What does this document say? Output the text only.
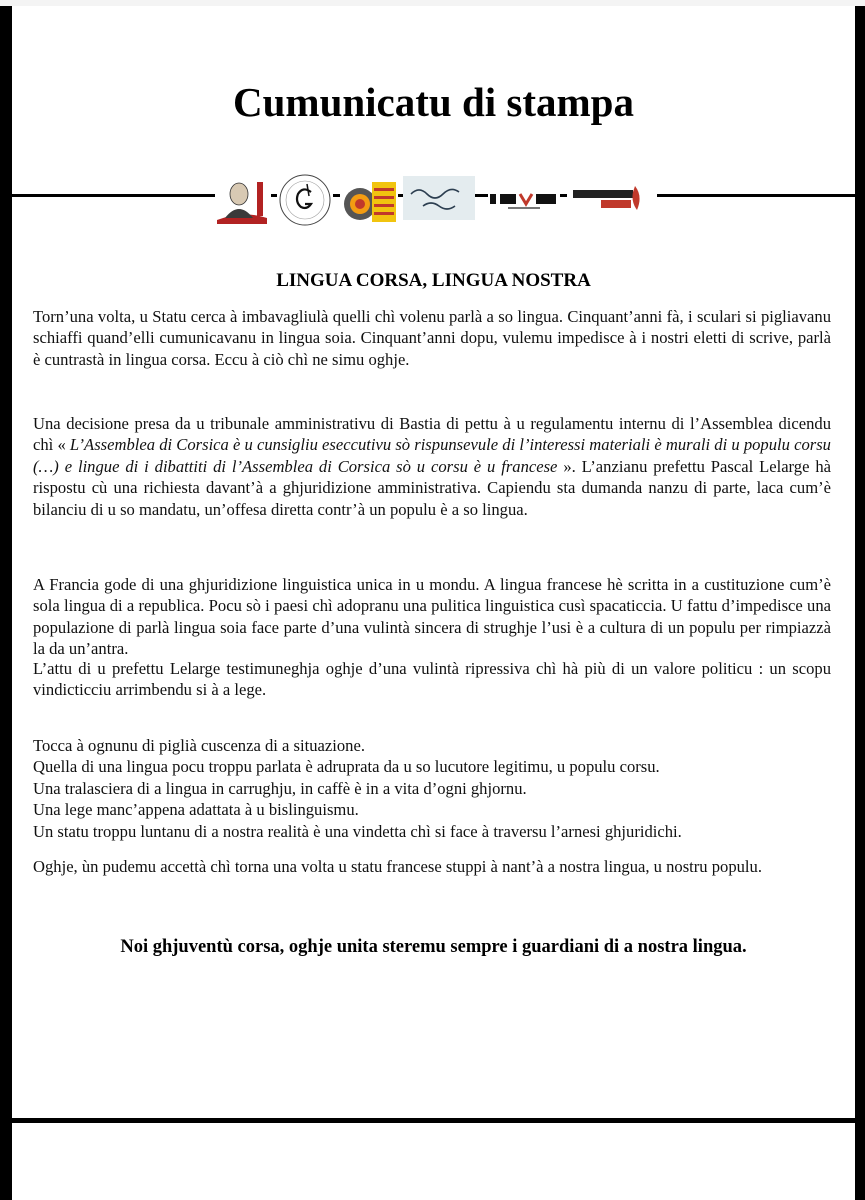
Cumunicatu di stampa
LINGUA CORSA, LINGUA NOSTRA
Torn’una volta, u Statu cerca à imbavagliulà quelli chì volenu parlà a so lingua. Cinquant’anni fà, i sculari si pigliavanu schiaffi quand’elli cumunicavanu in lingua soia. Cinquant’anni dopu, vulemu impedisce à i nostri eletti di scrive, parlà è cuntrastà in lingua corsa. Eccu à ciò chì ne simu oghje.
Una decisione presa da u tribunale amministrativu di Bastia di pettu à u regulamentu internu di l’Assemblea dicendu chì « L’Assemblea di Corsica è u cunsigliu eseccutivu sò rispunsevule di l’interessi materiali è murali di u populu corsu (…) e lingue di i dibattiti di l’Assemblea di Corsica sò u corsu è u francese ». L’anzianu prefettu Pascal Lelarge hà rispostu cù una richiesta davant’à a ghjuridizione amministrativa. Capiendu sta dumanda nanzu di parte, laca cum’è bilanciu di u so mandatu, un’offesa diretta contr’à un populu è a so lingua.
A Francia gode di una ghjuridizione linguistica unica in u mondu. A lingua francese hè scritta in a custituzione cum’è sola lingua di a republica. Pocu sò i paesi chì adopranu una pulitica linguistica cusì spacaticcia. U fattu d’impedisce una populazione di parlà lingua soia face parte d’una vulintà sincera di strughje l’usi è a cultura di un populu per rimpiazzà la da un’antra.
L’attu di u prefettu Lelarge testimuneghja oghje d’una vulintà ripressiva chì hà più di un valore politicu : un scopu vindicticciu arrimbendu si à a lege.
Tocca à ognunu di piglià cuscenza di a situazione.
Quella di una lingua pocu troppu parlata è adruprata da u so lucutore legitimu, u populu corsu.
Una tralasciera di a lingua in carrughju, in caffè è in a vita d’ogni ghjornu.
Una lege manc’appena adattata à u bislinguismu.
Un statu troppu luntanu di a nostra realità è una vindetta chì si face à traversu l’arnesi ghjuridichi.
Oghje, ùn pudemu accettà chì torna una volta u statu francese stuppi à nant’à a nostra lingua, u nostru populu.
Noi ghjuventù corsa, oghje unita steremu sempre i guardiani di a nostra lingua.
